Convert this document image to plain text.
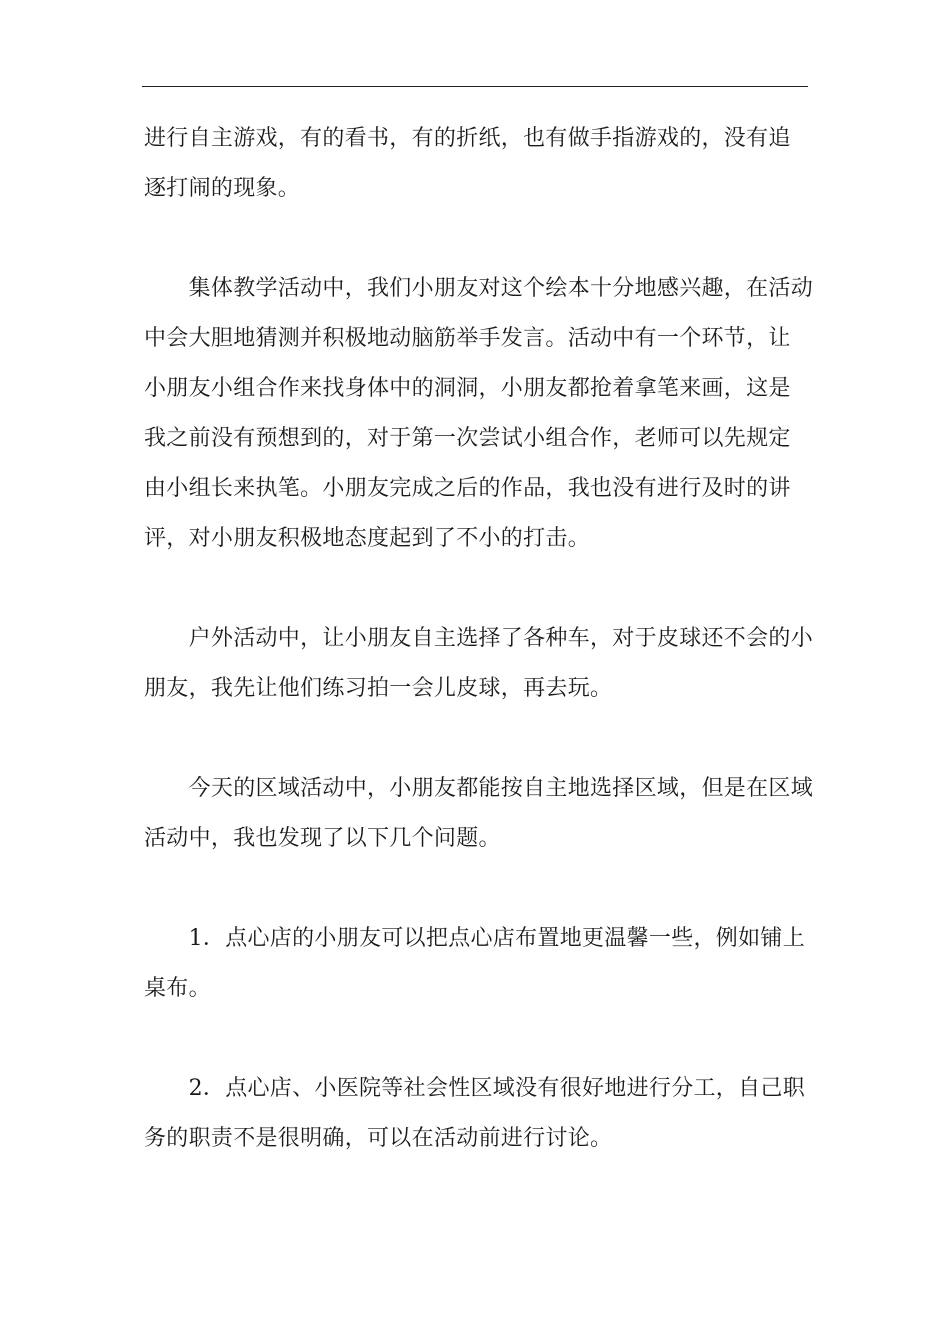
进行自主游戏，有的看书，有的折纸，也有做手指游戏的，没有追
逐打闹的现象。

　　集体教学活动中，我们小朋友对这个绘本十分地感兴趣，在活动
中会大胆地猜测并积极地动脑筋举手发言。活动中有一个环节，让
小朋友小组合作来找身体中的洞洞，小朋友都抢着拿笔来画，这是
我之前没有预想到的，对于第一次尝试小组合作，老师可以先规定
由小组长来执笔。小朋友完成之后的作品，我也没有进行及时的讲
评，对小朋友积极地态度起到了不小的打击。

　　户外活动中，让小朋友自主选择了各种车，对于皮球还不会的小
朋友，我先让他们练习拍一会儿皮球，再去玩。

　　今天的区域活动中，小朋友都能按自主地选择区域，但是在区域
活动中，我也发现了以下几个问题。

　　1．点心店的小朋友可以把点心店布置地更温馨一些，例如铺上
桌布。

　　2．点心店、小医院等社会性区域没有很好地进行分工，自己职
务的职责不是很明确，可以在活动前进行讨论。
